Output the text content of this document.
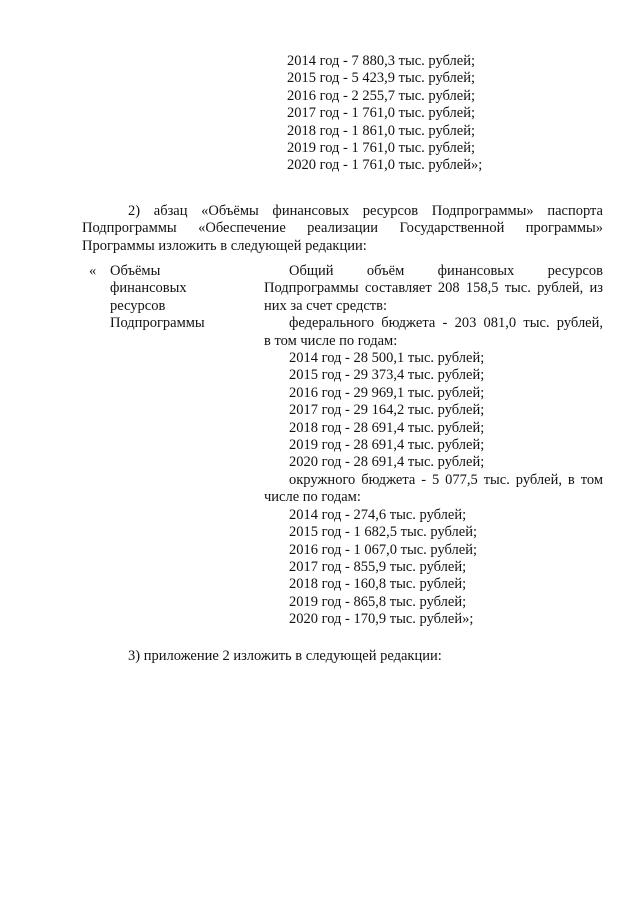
2014 год - 7 880,3 тыс. рублей;
2015 год - 5 423,9 тыс. рублей;
2016 год - 2 255,7 тыс. рублей;
2017 год - 1 761,0 тыс. рублей;
2018 год - 1 861,0 тыс. рублей;
2019 год - 1 761,0 тыс. рублей;
2020 год - 1 761,0 тыс. рублей»;
2) абзац «Объёмы финансовых ресурсов Подпрограммы» паспорта
Подпрограммы «Обеспечение реализации Государственной программы»
Программы изложить в следующей редакции:
« Объёмы
финансовых
ресурсов
Подпрограммы
Общий объём финансовых ресурсов
Подпрограммы составляет 208 158,5 тыс. рублей, из
них за счет средств:
федерального бюджета - 203 081,0 тыс. рублей,
в том числе по годам:
2014 год - 28 500,1 тыс. рублей;
2015 год - 29 373,4 тыс. рублей;
2016 год - 29 969,1 тыс. рублей;
2017 год - 29 164,2 тыс. рублей;
2018 год - 28 691,4 тыс. рублей;
2019 год - 28 691,4 тыс. рублей;
2020 год - 28 691,4 тыс. рублей;
окружного бюджета - 5 077,5 тыс. рублей, в том
числе по годам:
2014 год - 274,6 тыс. рублей;
2015 год - 1 682,5 тыс. рублей;
2016 год - 1 067,0 тыс. рублей;
2017 год - 855,9 тыс. рублей;
2018 год - 160,8 тыс. рублей;
2019 год - 865,8 тыс. рублей;
2020 год - 170,9 тыс. рублей»;
3) приложение 2 изложить в следующей редакции:
